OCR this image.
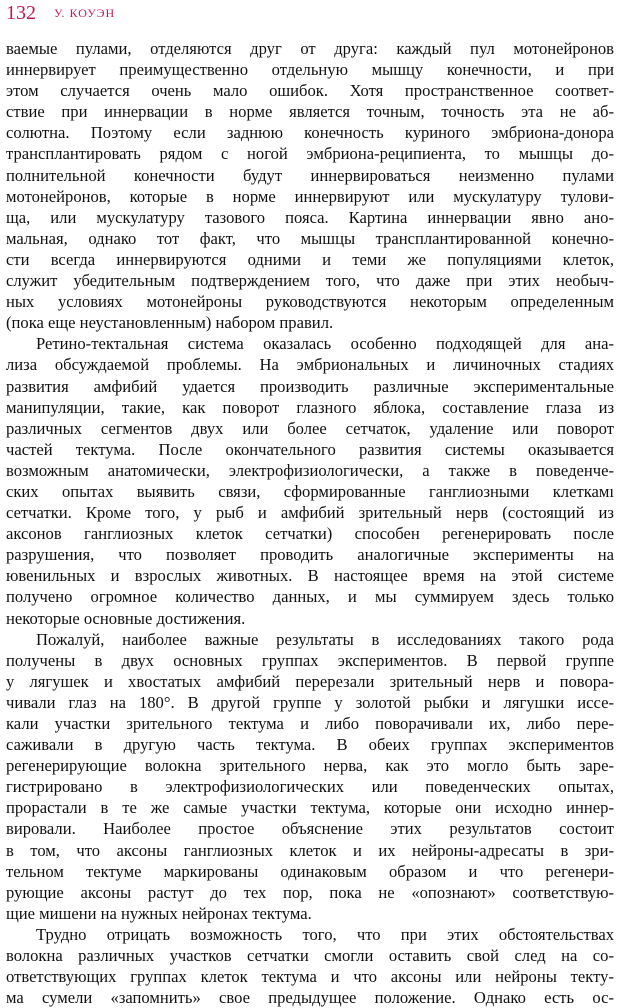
132 У. КОУЭН
ваемые пулами, отделяются друг от друга: каждый пул мотонейронов
иннервирует преимущественно отдельную мышцу конечности, и при
этом случается очень мало ошибок. Хотя пространственное соответ-
ствие при иннервации в норме является точным, точность эта не аб-
солютна. Поэтому если заднюю конечность куриного эмбриона-донора
трансплантировать рядом с ногой эмбриона-реципиента, то мышцы до-
полнительной конечности будут иннервироваться неизменно пулами
мотонейронов, которые в норме иннервируют или мускулатуру тулови-
ща, или мускулатуру тазового пояса. Картина иннервации явно ано-
мальная, однако тот факт, что мышцы трансплантированной конечно-
сти всегда иннервируются одними и теми же популяциями клеток,
служит убедительным подтверждением того, что даже при этих необыч-
ных условиях мотонейроны руководствуются некоторым определенным
(пока еще неустановленным) набором правил.
Ретино-тектальная система оказалась особенно подходящей для ана-
лиза обсуждаемой проблемы. На эмбриональных и личиночных стадиях
развития амфибий удается производить различные экспериментальные
манипуляции, такие, как поворот глазного яблока, составление глаза из
различных сегментов двух или более сетчаток, удаление или поворот
частей тектума. После окончательного развития системы оказывается
возможным анатомически, электрофизиологически, а также в поведенче-
ских опытах выявить связи, сформированные ганглиозными клеткамı
сетчатки. Кроме того, у рыб и амфибий зрительный нерв (состоящий из
аксонов ганглиозных клеток сетчатки) способен регенерировать после
разрушения, что позволяет проводить аналогичные эксперименты на
ювенильных и взрослых животных. В настоящее время на этой системе
получено огромное количество данных, и мы суммируем здесь только
некоторые основные достижения.
Пожалуй, наиболее важные результаты в исследованиях такого рода
получены в двух основных группах экспериментов. В первой группе
у лягушек и хвостатых амфибий перерезали зрительный нерв и поворa-
чивали глаз на 180°. В другой группе у золотой рыбки и лягушки иссе-
кали участки зрительного тектума и либо поворачивали их, либо пере-
саживали в другую часть тектума. В обеих группах экспериментов
регенерирующие волокна зрительного нерва, как это могло быть заре-
гистрировано в электрофизиологических или поведенческих опытах,
прорастали в те же самые участки тектума, которые они исходно иннер-
вировали. Наиболее простое объяснение этих результатов состоит
в том, что аксоны ганглиозных клеток и их нейроны-адресаты в зри-
тельном тектуме маркированы одинаковым образом и что регенери-
рующие аксоны растут до тех пор, пока не «опознают» соответствую-
щие мишени на нужных нейронах тектума.
Трудно отрицать возможность того, что при этих обстоятельствах
волокна различных участков сетчатки смогли оставить свой след на со-
ответствующих группах клеток тектума и что аксоны или нейроны текту-
ма сумели «запомнить» свое предыдущее положение. Однако есть ос-
